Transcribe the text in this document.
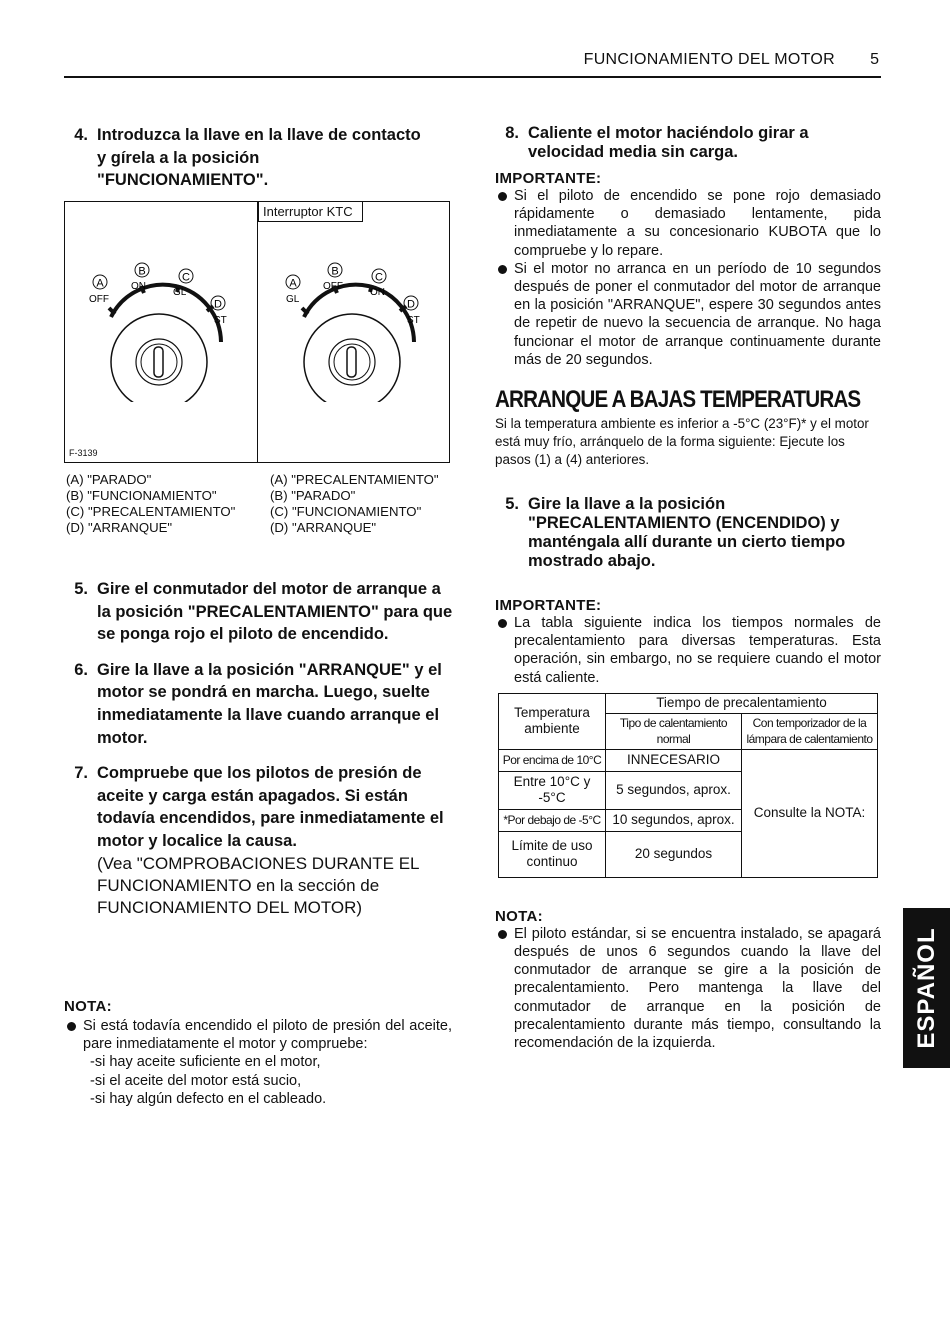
FUNCIONAMIENTO DEL MOTOR 5
4. Introduzca la llave en la llave de contacto y gírela a la posición "FUNCIONAMIENTO".
Interruptor KTC
F-3139
A
B	C
D
OFF
ON
GL
ST
A
B	C
D
GL
OFF
ON
ST
(A) "PARADO"
(B) "FUNCIONAMIENTO"
(C) "PRECALENTAMIENTO"
(D) "ARRANQUE"
(A) "PRECALENTAMIENTO"
(B) "PARADO"
(C) "FUNCIONAMIENTO"
(D) "ARRANQUE"
5. Gire el conmutador del motor de arranque a la posición "PRECALENTAMIENTO" para que se ponga rojo el piloto de encendido.
6. Gire la llave a la posición "ARRANQUE" y el motor se pondrá en marcha. Luego, suelte inmediatamente la llave cuando arranque el motor.
7. Compruebe que los pilotos de presión de aceite y carga están apagados. Si están todavía encendidos, pare inmediatamente el motor y localice la causa.
(Vea "COMPROBACIONES DURANTE EL FUNCIONAMIENTO en la sección de FUNCIONAMIENTO DEL MOTOR)
NOTA:
Si está todavía encendido el piloto de presión del aceite, pare inmediatamente el motor y compruebe:
-si hay aceite suficiente en el motor,
-si el aceite del motor está sucio,
-si hay algún defecto en el cableado.
8. Caliente el motor haciéndolo girar a velocidad media sin carga.
IMPORTANTE:
Si el piloto de encendido se pone rojo demasiado rápidamente o demasiado lentamente, pida inmediatamente a su concesionario KUBOTA que lo compruebe y lo repare.
Si el motor no arranca en un período de 10 segundos después de poner el conmutador del motor de arranque en la posición "ARRANQUE", espere 30 segundos antes de repetir de nuevo la secuencia de arranque. No haga funcionar el motor de arranque continuamente durante más de 20 segundos.
ARRANQUE A BAJAS TEMPERATURAS
Si la temperatura ambiente es inferior a -5°C (23°F)* y el motor está muy frío, arránquelo de la forma siguiente: Ejecute los pasos (1) a (4) anteriores.
5. Gire la llave a la posición "PRECALENTAMIENTO (ENCENDIDO) y manténgala allí durante un cierto tiempo mostrado abajo.
IMPORTANTE:
La tabla siguiente indica los tiempos normales de precalentamiento para diversas temperaturas. Esta operación, sin embargo, no se requiere cuando el motor está caliente.
Temperatura ambiente	Tiempo de precalentamiento	
	Tipo de calentamiento normal	Con temporizador de la lámpara de calentamiento
Por encima de 10°C	INNECESARIO	Consulte la NOTA:
Entre 10°C y -5°C	5 segundos, aprox.	
*Por debajo de -5°C	10 segundos, aprox.	
Límite de uso continuo	20 segundos	
NOTA:
El piloto estándar, si se encuentra instalado, se apagará después de unos 6 segundos cuando la llave del conmutador de arranque se gire a la posición de precalentamiento. Pero mantenga la llave del conmutador de arranque en la posición de precalentamiento durante más tiempo, consultando la recomendación de la izquierda.	ESPAÑOL
